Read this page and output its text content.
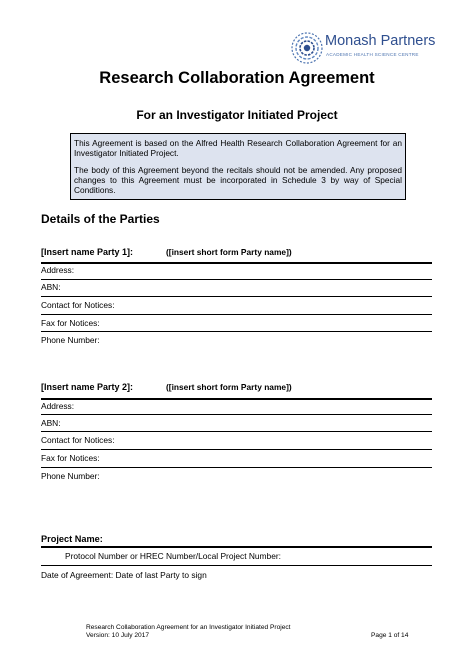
Monash Partners
ACADEMIC HEALTH SCIENCE CENTRE
Research Collaboration Agreement
For an Investigator Initiated Project

This Agreement is based on the Alfred Health Research Collaboration Agreement for an Investigator Initiated Project.

The body of this Agreement beyond the recitals should not be amended. Any proposed changes to this Agreement must be incorporated in Schedule 3 by way of Special Conditions.

Details of the Parties
[Insert name Party 1]:	([insert short form Party name])
Address:
ABN:
Contact for Notices:
Fax for Notices:
Phone Number:
[Insert name Party 2]:	([insert short form Party name])
Address:
ABN:
Contact for Notices:
Fax for Notices:
Phone Number:
Project Name:
Protocol Number or HREC Number/Local Project Number:
Date of Agreement: Date of last Party to sign
Research Collaboration Agreement for an Investigator Initiated Project
Version: 10 July 2017	Page 1 of 14
